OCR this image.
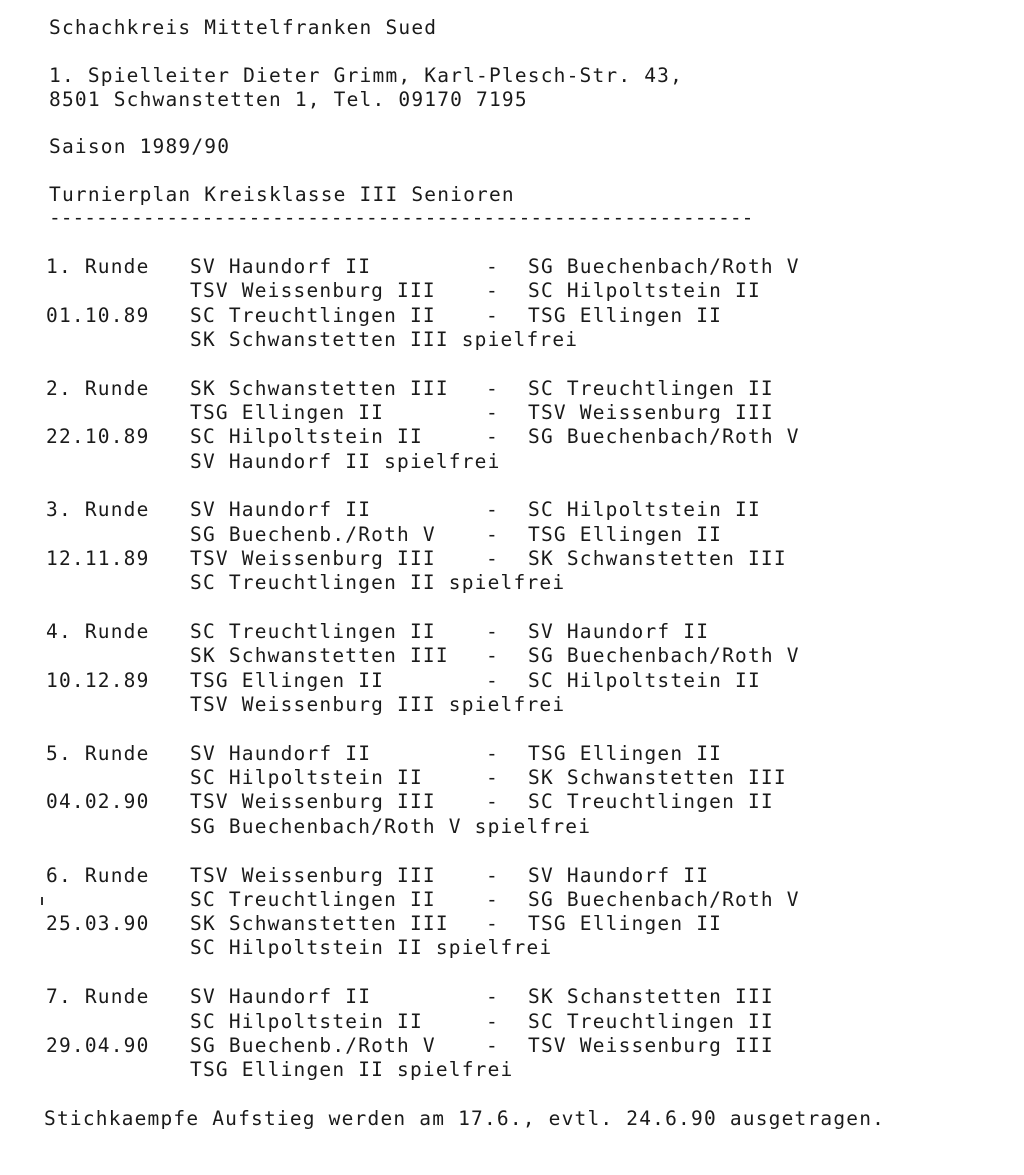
Schachkreis Mittelfranken Sued
1. Spielleiter Dieter Grimm, Karl-Plesch-Str. 43,
8501 Schwanstetten 1, Tel. 09170 7195
Saison 1989/90
Turnierplan Kreisklasse III Senioren
------------------------------------------------------------
1. Runde
01.10.89
SV Haundorf II	- SG Buechenbach/Roth V
TSV Weissenburg III	- SC Hilpoltstein II
SC Treuchtlingen II	- TSG Ellingen II
SK Schwanstetten III spielfrei
2. Runde
22.10.89
SK Schwanstetten III - SC Treuchtlingen II
TSG Ellingen II	- TSV Weissenburg III
SC Hilpoltstein II	- SG Buechenbach/Roth V
SV Haundorf II spielfrei
3. Runde
12.11.89
SV Haundorf II	- SC Hilpoltstein II
SG Buechenb./Roth V	- TSG Ellingen II
TSV Weissenburg III	- SK Schwanstetten III
SC Treuchtlingen II spielfrei
4. Runde
10.12.89
SC Treuchtlingen II	- SV Haundorf II
SK Schwanstetten III - SG Buechenbach/Roth V
TSG Ellingen II	- SC Hilpoltstein II
TSV Weissenburg III spielfrei
5. Runde
04.02.90
SV Haundorf II	- TSG Ellingen II
SC Hilpoltstein II	- SK Schwanstetten III
TSV Weissenburg III	- SC Treuchtlingen II
SG Buechenbach/Roth V spielfrei
6. Runde
25.03.90
TSV Weissenburg III	- SV Haundorf II
SC Treuchtlingen II	- SG Buechenbach/Roth V
SK Schwanstetten III - TSG Ellingen II
SC Hilpoltstein II spielfrei
7. Runde
29.04.90
SV Haundorf II	- SK Schanstetten III
SC Hilpoltstein II	- SC Treuchtlingen II
SG Buechenb./Roth V	- TSV Weissenburg III
TSG Ellingen II spielfrei
Stichkaempfe Aufstieg werden am 17.6., evtl. 24.6.90 ausgetragen.
